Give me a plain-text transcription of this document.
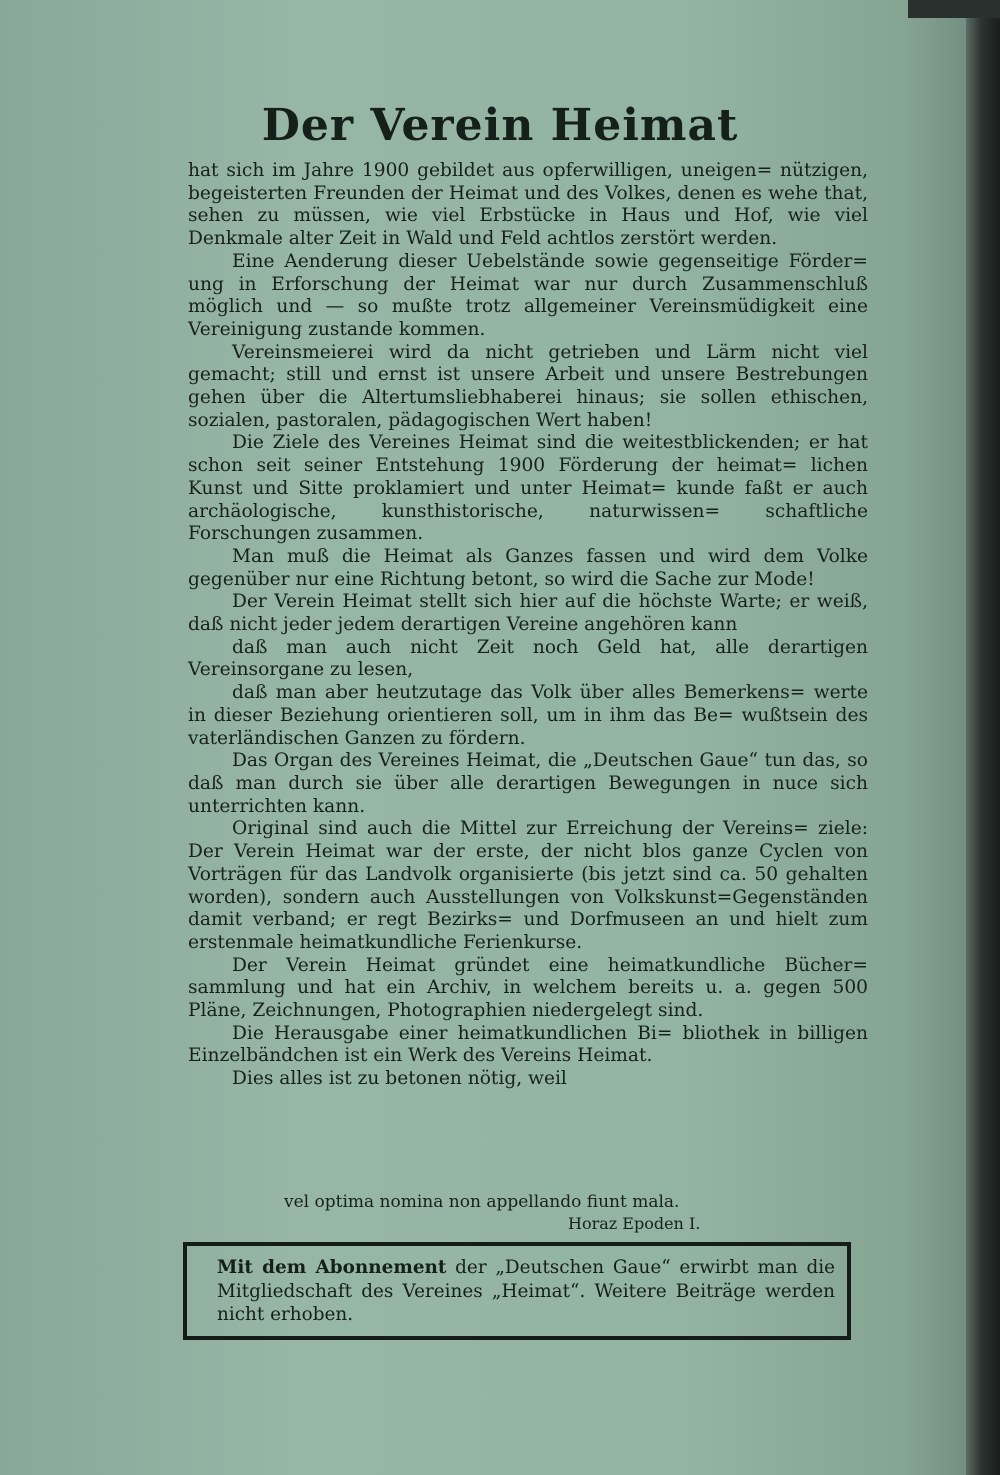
Der Verein Heimat

hat sich im Jahre 1900 gebildet aus opferwilligen, uneigen= nützigen, begeisterten Freunden der Heimat und des Volkes, denen es wehe that, sehen zu müssen, wie viel Erbstücke in Haus und Hof, wie viel Denkmale alter Zeit in Wald und Feld achtlos zerstört werden.

Eine Aenderung dieser Uebelstände sowie gegenseitige Förder= ung in Erforschung der Heimat war nur durch Zusammenschluß möglich und — so mußte trotz allgemeiner Vereinsmüdigkeit eine Vereinigung zustande kommen.

Vereinsmeierei wird da nicht getrieben und Lärm nicht viel gemacht; still und ernst ist unsere Arbeit und unsere Bestrebungen gehen über die Altertumsliebhaberei hinaus; sie sollen ethischen, sozialen, pastoralen, pädagogischen Wert haben!

Die Ziele des Vereines Heimat sind die weitestblickenden; er hat schon seit seiner Entstehung 1900 Förderung der heimat= lichen Kunst und Sitte proklamiert und unter Heimat= kunde faßt er auch archäologische, kunsthistorische, naturwissen= schaftliche Forschungen zusammen.

Man muß die Heimat als Ganzes fassen und wird dem Volke gegenüber nur eine Richtung betont, so wird die Sache zur Mode!

Der Verein Heimat stellt sich hier auf die höchste Warte; er weiß, daß nicht jeder jedem derartigen Vereine angehören kann

daß man auch nicht Zeit noch Geld hat, alle derartigen Vereinsorgane zu lesen,

daß man aber heutzutage das Volk über alles Bemerkens= werte in dieser Beziehung orientieren soll, um in ihm das Be= wußtsein des vaterländischen Ganzen zu fördern.

Das Organ des Vereines Heimat, die „Deutschen Gaue“ tun das, so daß man durch sie über alle derartigen Bewegungen in nuce sich unterrichten kann.

Original sind auch die Mittel zur Erreichung der Vereins= ziele: Der Verein Heimat war der erste, der nicht blos ganze Cyclen von Vorträgen für das Landvolk organisierte (bis jetzt sind ca. 50 gehalten worden), sondern auch Ausstellungen von Volkskunst=Gegenständen damit verband; er regt Bezirks= und Dorfmuseen an und hielt zum erstenmale heimatkundliche Ferienkurse.

Der Verein Heimat gründet eine heimatkundliche Bücher= sammlung und hat ein Archiv, in welchem bereits u. a. gegen 500 Pläne, Zeichnungen, Photographien niedergelegt sind.

Die Herausgabe einer heimatkundlichen Bi= bliothek in billigen Einzelbändchen ist ein Werk des Vereins Heimat.

Dies alles ist zu betonen nötig, weil

vel optima nomina non appellando fiunt mala.
Horaz Epoden I.
Mit dem Abonnement der „Deutschen Gaue“ erwirbt man die Mitgliedschaft des Vereines „Heimat“. Weitere Beiträge werden nicht erhoben.
